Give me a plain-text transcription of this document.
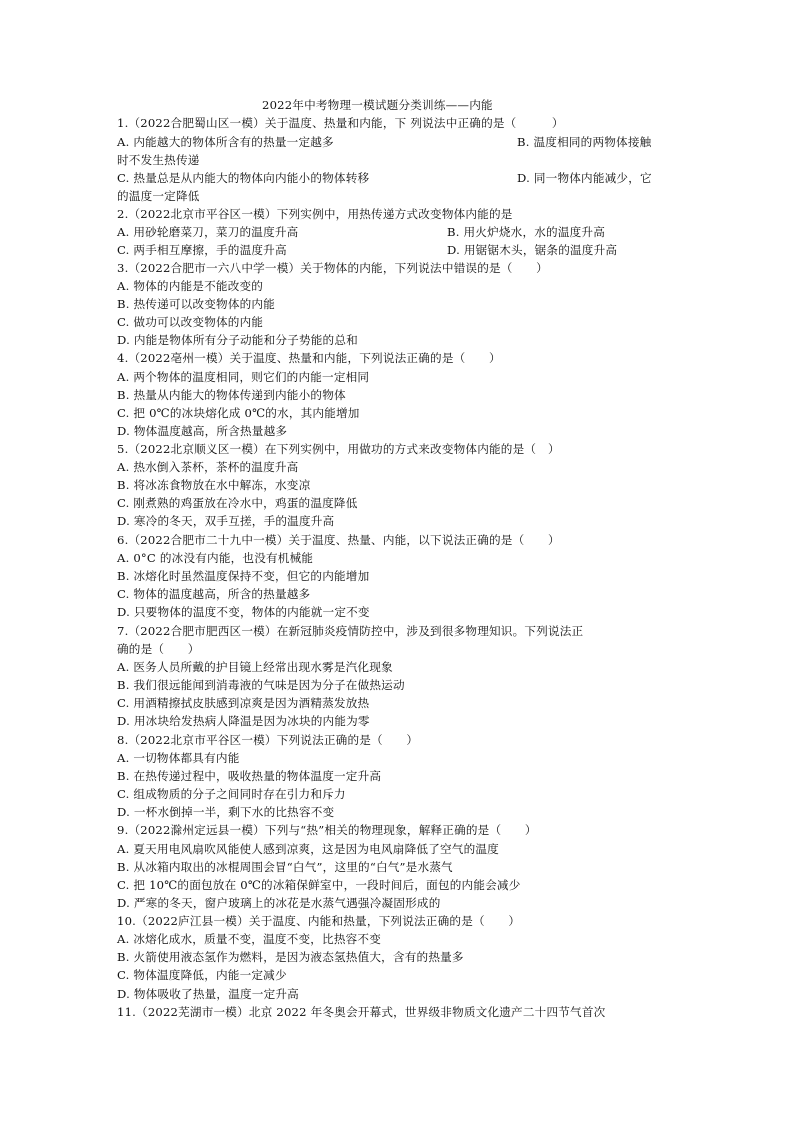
2022年中考物理一模试题分类训练——内能
1.（2022合肥蜀山区一模）关于温度、热量和内能，下 列说法中正确的是（　　　）
A. 内能越大的物体所含有的热量一定越多	B. 温度相同的两物体接触
时不发生热传递
C. 热量总是从内能大的物体向内能小的物体转移	D. 同一物体内能减少，它
的温度一定降低
2.（2022北京市平谷区一模）下列实例中，用热传递方式改变物体内能的是
A. 用砂轮磨菜刀，菜刀的温度升高	B. 用火炉烧水，水的温度升高
C. 两手相互摩擦，手的温度升高	D. 用锯锯木头，锯条的温度升高
3.（2022合肥市一六八中学一模）关于物体的内能，下列说法中错误的是（　　）
A. 物体的内能是不能改变的
B. 热传递可以改变物体的内能
C. 做功可以改变物体的内能
D. 内能是物体所有分子动能和分子势能的总和
4.（2022亳州一模）关于温度、热量和内能，下列说法正确的是（　　）
A. 两个物体的温度相同，则它们的内能一定相同
B. 热量从内能大的物体传递到内能小的物体
C. 把 0℃的冰块熔化成 0℃的水，其内能增加
D. 物体温度越高，所含热量越多
5.（2022北京顺义区一模）在下列实例中，用做功的方式来改变物体内能的是（　）
A. 热水倒入茶杯，茶杯的温度升高
B. 将冰冻食物放在水中解冻，水变凉
C. 刚煮熟的鸡蛋放在冷水中，鸡蛋的温度降低
D. 寒冷的冬天，双手互搓，手的温度升高
6.（2022合肥市二十九中一模）关于温度、热量、内能，以下说法正确的是（　　）
A. 0°C 的冰没有内能，也没有机械能
B. 冰熔化时虽然温度保持不变，但它的内能增加
C. 物体的温度越高，所含的热量越多
D. 只要物体的温度不变，物体的内能就一定不变
7.（2022合肥市肥西区一模）在新冠肺炎疫情防控中，涉及到很多物理知识。下列说法正
确的是（　　）
A. 医务人员所戴的护目镜上经常出现水雾是汽化现象
B. 我们很远能闻到消毒液的气味是因为分子在做热运动
C. 用酒精擦拭皮肤感到凉爽是因为酒精蒸发放热
D. 用冰块给发热病人降温是因为冰块的内能为零
8.（2022北京市平谷区一模）下列说法正确的是（　　）
A. 一切物体都具有内能
B. 在热传递过程中，吸收热量的物体温度一定升高
C. 组成物质的分子之间同时存在引力和斥力
D. 一杯水倒掉一半，剩下水的比热容不变
9.（2022滁州定远县一模）下列与“热”相关的物理现象，解释正确的是（　　）
A. 夏天用电风扇吹风能使人感到凉爽，这是因为电风扇降低了空气的温度
B. 从冰箱内取出的冰棍周围会冒“白气”，这里的“白气”是水蒸气
C. 把 10℃的面包放在 0℃的冰箱保鲜室中，一段时间后，面包的内能会减少
D. 严寒的冬天，窗户玻璃上的冰花是水蒸气遇强冷凝固形成的
10.（2022庐江县一模）关于温度、内能和热量，下列说法正确的是（　　）
A. 冰熔化成水，质量不变，温度不变，比热容不变
B. 火箭使用液态氢作为燃料，是因为液态氢热值大，含有的热量多
C. 物体温度降低，内能一定减少
D. 物体吸收了热量，温度一定升高
11.（2022芜湖市一模）北京 2022 年冬奥会开幕式，世界级非物质文化遗产二十四节气首次
